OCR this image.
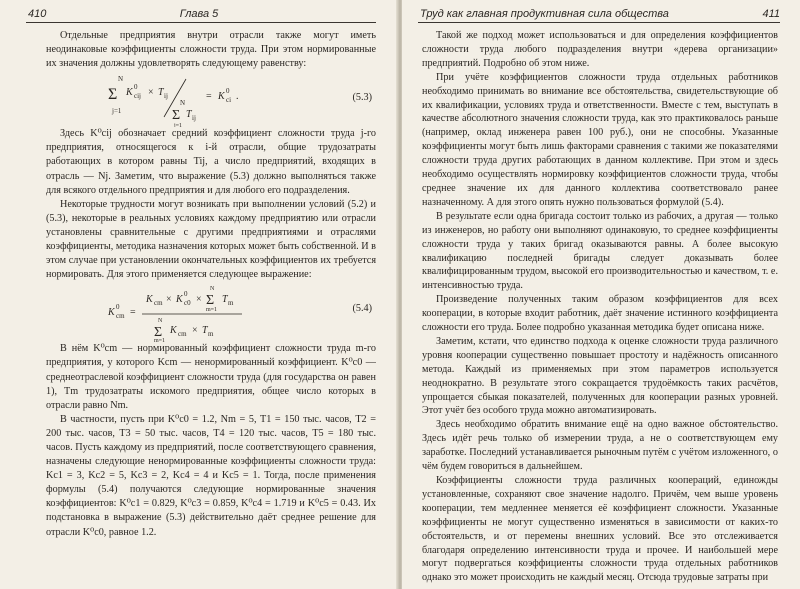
410	Глава 5

Отдельные предприятия внутри отрасли также могут иметь неодинаковые коэффициенты сложности труда. При этом нормированные их значения должны удовлетворять следующему равенству:

N
Σ
j=1
K 0
cij × T ij
N
Σ
j=1
T ij
= K 0
ci .	(5.3)

Здесь K⁰cij обозначает средний коэффициент сложности труда j-го предприятия, относящегося к i-й отрасли, общие трудозатраты работающих в котором равны Tij, а число предприятий, входящих в отрасль — Nj. Заметим, что выражение (5.3) должно выполняться также для всякого отдельного предприятия и для любого его подразделения.

Некоторые трудности могут возникать при выполнении условий (5.2) и (5.3), некоторые в реальных условиях каждому предприятию или отрасли установлены сравнительные с другими предприятиями и отраслями коэффициенты, методика назначения которых может быть собственной. И в этом случае при установлении окончательных коэффициентов их требуется нормировать. Для этого применяется следующее выражение:

K 0
cm =
K cm × K 0
c0 ×
N
Σ
m=1
T m
N
Σ
m=1
K cm × T m
(5.4)

В нём K⁰cm — нормированный коэффициент сложности труда m-го предприятия, у которого Kcm — ненормированный коэффициент. K⁰c0 — среднеотраслевой коэффициент сложности труда (для государства он равен 1), Tm трудозатраты искомого предприятия, общее число которых в отрасли равно Nm.

В частности, пусть при K⁰c0 = 1.2, Nm = 5, T1 = 150 тыс. часов, T2 = 200 тыс. часов, T3 = 50 тыс. часов, T4 = 120 тыс. часов, T5 = 180 тыс. часов. Пусть каждому из предприятий, после соответствующего сравнения, назначены следующие ненормированные коэффициенты сложности труда: Kc1 = 3, Kc2 = 5, Kc3 = 2, Kc4 = 4 и Kc5 = 1. Тогда, после применения формулы (5.4) получаются следующие нормированные значения коэффициентов: K⁰c1 = 0.829, K⁰c3 = 0.859, K⁰c4 = 1.719 и K⁰c5 = 0.43. Их подстановка в выражение (5.3) действительно даёт среднее решение для отрасли K⁰c0, равное 1.2.

Труд как главная продуктивная сила общества	411

Такой же подход может использоваться и для определения коэффициентов сложности труда любого подразделения внутри «дерева организации» предприятий. Подробно об этом ниже.

При учёте коэффициентов сложности труда отдельных работников необходимо принимать во внимание все обстоятельства, свидетельствующие об их квалификации, условиях труда и ответственности. Вместе с тем, выступать в качестве абсолютного значения сложности труда, как это практиковалось раньше (например, оклад инженера равен 100 руб.), они не способны. Указанные коэффициенты могут быть лишь факторами сравнения с такими же показателями сложности труда других работающих в данном коллективе. При этом и здесь необходимо осуществлять нормировку коэффициентов сложности труда, чтобы среднее значение их для данного коллектива соответствовало ранее назначенному. А для этого опять нужно пользоваться формулой (5.4).

В результате если одна бригада состоит только из рабочих, а другая — только из инженеров, но работу они выполняют одинаковую, то среднее коэффициенты сложности труда у таких бригад оказываются равны. А более высокую квалификацию последней бригады следует доказывать более квалифицированным трудом, высокой его производительностью и качеством, т. е. интенсивностью труда.

Произведение полученных таким образом коэффициентов для всех кооперации, в которые входит работник, даёт значение истинного коэффициента сложности его труда. Более подробно указанная методика будет описана ниже.

Заметим, кстати, что единство подхода к оценке сложности труда различного уровня кооперации существенно повышает простоту и надёжность описанного метода. Каждый из применяемых при этом параметров используется неоднократно. В результате этого сокращается трудоёмкость таких расчётов, упрощается сбыкая показателей, полученных для кооперации разных уровней. Этот учёт без особого труда можно автоматизировать.

Здесь необходимо обратить внимание ещё на одно важное обстоятельство. Здесь идёт речь только об измерении труда, а не о соответствующем ему заработке. Последний устанавливается рыночным путём с учётом изложенного, о чём будем говориться в дальнейшем.

Коэффициенты сложности труда различных коопераций, единожды установленные, сохраняют свое значение надолго. Причём, чем выше уровень кооперации, тем медленнее меняется её коэффициент сложности. Указанные коэффициенты не могут существенно изменяться в зависимости от каких-то обстоятельств, и от перемены внешних условий. Все это отслеживается благодаря определению интенсивности труда и прочее. И наибольшей мере могут подвергаться коэффициенты сложности труда отдельных работников однако это может происходить не каждый месяц. Отсюда трудовые затраты при
